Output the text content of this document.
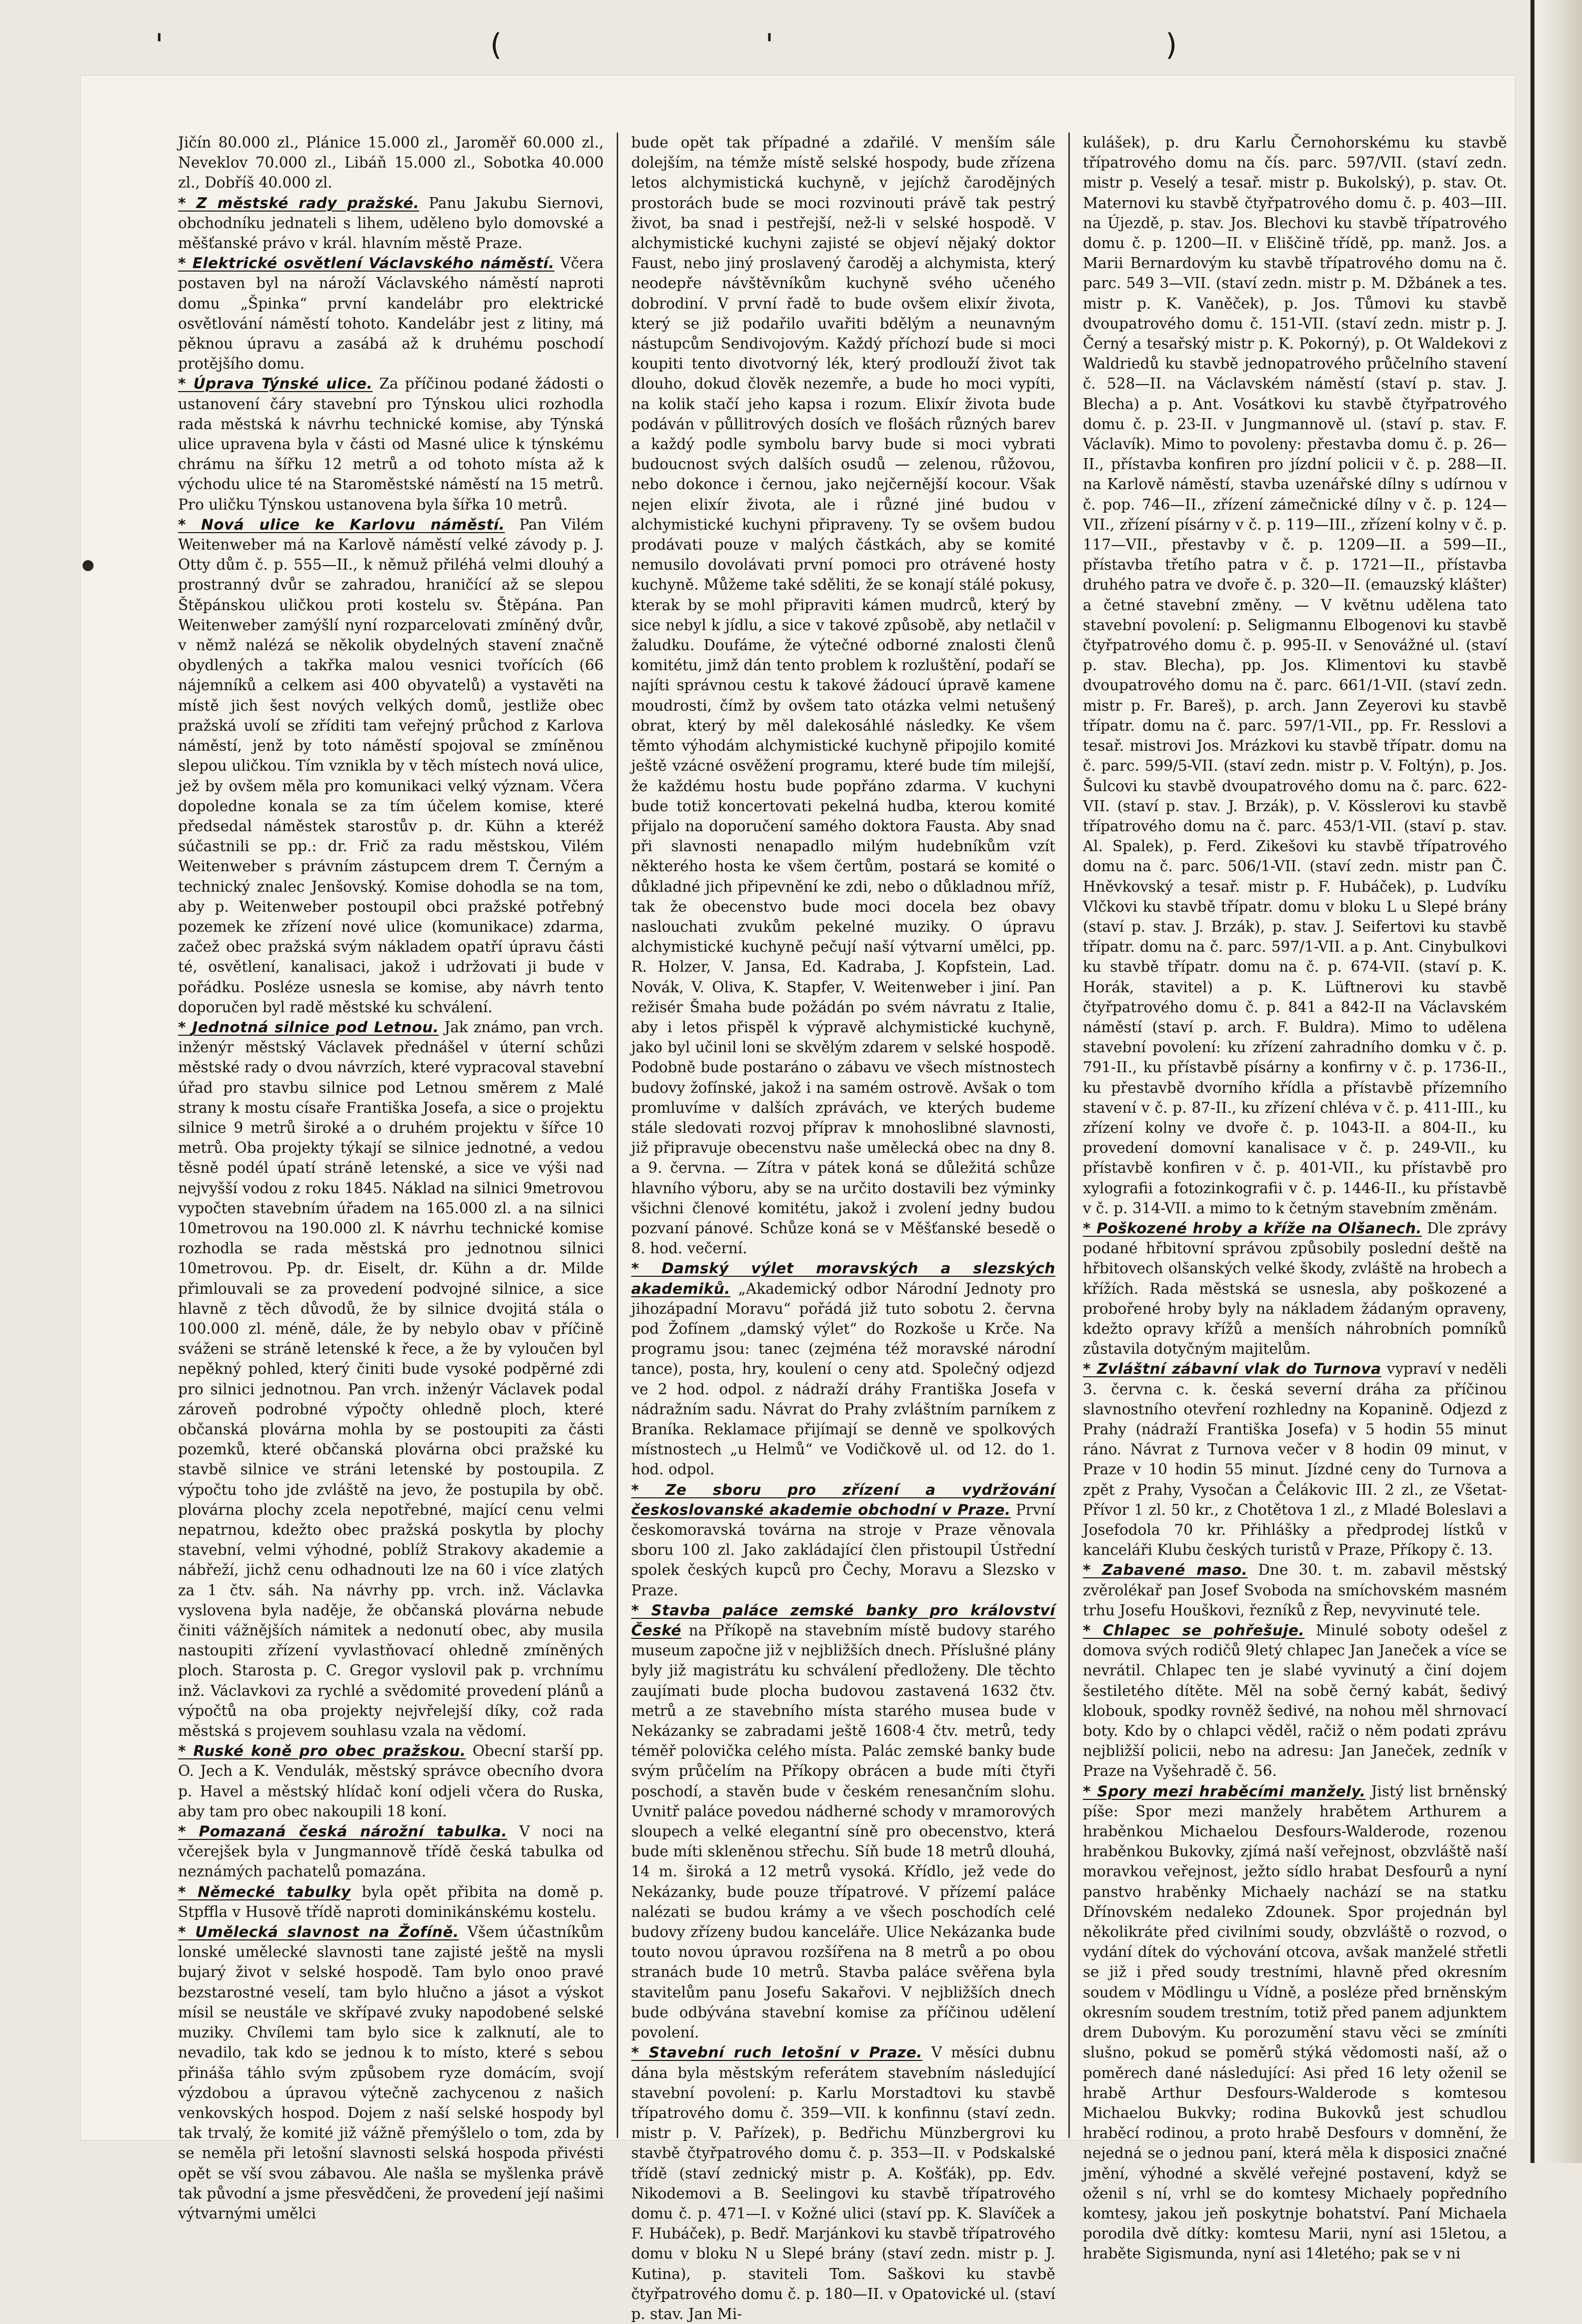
'	(	'	)

Jičín 80.000 zl., Plánice 15.000 zl., Jaroměř 60.000 zl., Neveklov 70.000 zl., Libáň 15.000 zl., Sobotka 40.000 zl., Dobříš 40.000 zl.

* Z městské rady pražské. Panu Jakubu Siernovi, obchodníku jednateli s lihem, uděleno bylo domovské a měšťanské právo v král. hlavním městě Praze.

* Elektrické osvětlení Václavského náměstí. Včera postaven byl na nároží Václavského náměstí naproti domu „Špinka“ první kandelábr pro elektrické osvětlování náměstí tohoto. Kandelábr jest z litiny, má pěknou úpravu a zasábá až k druhému poschodí protějšího domu.

* Úprava Týnské ulice. Za příčinou podané žádosti o ustanovení čáry stavební pro Týnskou ulici rozhodla rada městská k návrhu technické komise, aby Týnská ulice upravena byla v části od Masné ulice k týnskému chrámu na šířku 12 metrů a od tohoto místa až k východu ulice té na Staroměstské náměstí na 15 metrů. Pro uličku Týnskou ustanovena byla šířka 10 metrů.

* Nová ulice ke Karlovu náměstí. Pan Vilém Weitenweber má na Karlově náměstí velké závody p. J. Otty dům č. p. 555—II., k němuž přiléhá velmi dlouhý a prostranný dvůr se zahradou, hraničící až se slepou Štěpánskou uličkou proti kostelu sv. Štěpána. Pan Weitenweber zamýšlí nyní rozparcelovati zmíněný dvůr, v němž nalézá se několik obydelných stavení značně obydlených a takřka malou vesnici tvořících (66 nájemníků a celkem asi 400 obyvatelů) a vystavěti na místě jich šest nových velkých domů, jestliže obec pražská uvolí se zříditi tam veřejný průchod z Karlova náměstí, jenž by toto náměstí spojoval se zmíněnou slepou uličkou. Tím vznikla by v těch místech nová ulice, jež by ovšem měla pro komunikaci velký význam. Včera dopoledne konala se za tím účelem komise, které předsedal náměstek starostův p. dr. Kühn a kteréž súčastnili se pp.: dr. Frič za radu městskou, Vilém Weitenweber s právním zástupcem drem T. Černým a technický znalec Jenšovský. Komise dohodla se na tom, aby p. Weitenweber postoupil obci pražské potřebný pozemek ke zřízení nové ulice (komunikace) zdarma, začež obec pražská svým nákladem opatří úpravu části té, osvětlení, kanalisaci, jakož i udržovati ji bude v pořádku. Posléze usnesla se komise, aby návrh tento doporučen byl radě městské ku schválení.

* Jednotná silnice pod Letnou. Jak známo, pan vrch. inženýr městský Václavek přednášel v úterní schůzi městské rady o dvou návrzích, které vypracoval stavební úřad pro stavbu silnice pod Letnou směrem z Malé strany k mostu císaře Františka Josefa, a sice o projektu silnice 9 metrů široké a o druhém projektu v šířce 10 metrů. Oba projekty týkají se silnice jednotné, a vedou těsně podél úpatí stráně letenské, a sice ve výši nad nejvyšší vodou z roku 1845. Náklad na silnici 9metrovou vypočten stavebním úřadem na 165.000 zl. a na silnici 10metrovou na 190.000 zl. K návrhu technické komise rozhodla se rada městská pro jednotnou silnici 10metrovou. Pp. dr. Eiselt, dr. Kühn a dr. Milde přimlouvali se za provedení podvojné silnice, a sice hlavně z těch důvodů, že by silnice dvojitá stála o 100.000 zl. méně, dále, že by nebylo obav v příčině sváženi se stráně letenské k řece, a že by vyloučen byl nepěkný pohled, který činiti bude vysoké podpěrné zdi pro silnici jednotnou. Pan vrch. inženýr Václavek podal zároveň podrobné výpočty ohledně ploch, které občanská plovárna mohla by se postoupiti za části pozemků, které občanská plovárna obci pražské ku stavbě silnice ve stráni letenské by postoupila. Z výpočtu toho jde zvláště na jevo, že postupila by obč. plovárna plochy zcela nepotřebné, mající cenu velmi nepatrnou, kdežto obec pražská poskytla by plochy stavební, velmi výhodné, poblíž Strakovy akademie a nábřeží, jichž cenu odhadnouti lze na 60 i více zlatých za 1 čtv. sáh. Na návrhy pp. vrch. inž. Václavka vyslovena byla naděje, že občanská plovárna nebude činiti vážnějších námitek a nedonutí obec, aby musila nastoupiti zřízení vyvlastňovací ohledně zmíněných ploch. Starosta p. C. Gregor vyslovil pak p. vrchnímu inž. Václavkovi za rychlé a svědomité provedení plánů a výpočtů na oba projekty nejvřelejší díky, což rada městská s projevem souhlasu vzala na vědomí.

* Ruské koně pro obec pražskou. Obecní starší pp. O. Jech a K. Vendulák, městský správce obecního dvora p. Havel a městský hlídač koní odjeli včera do Ruska, aby tam pro obec nakoupili 18 koní.

* Pomazaná česká nárožní tabulka. V noci na včerejšek byla v Jungmannově třídě česká tabulka od neznámých pachatelů pomazána.

* Německé tabulky byla opět přibita na domě p. Stpffla v Husově třídě naproti dominikánskému kostelu.

* Umělecká slavnost na Žofíně. Všem účastníkům lonské umělecké slavnosti tane zajisté ještě na mysli bujarý život v selské hospodě. Tam bylo onoo pravé bezstarostné veselí, tam bylo hlučno a jásot a výskot mísil se neustále ve skřípavé zvuky napodobené selské muziky. Chvílemi tam bylo sice k zalknutí, ale to nevadilo, tak kdo se jednou k to místo, které s sebou přináša táhlo svým způsobem ryze domácím, svojí výzdobou a úpravou výtečně zachycenou z našich venkovských hospod. Dojem z naší selské hospody byl tak trvalý, že komité již vážně přemýšlelo o tom, zda by se neměla při letošní slavnosti selská hospoda přivésti opět se vší svou zábavou. Ale našla se myšlenka právě tak původní a jsme přesvědčeni, že provedení její našimi výtvarnými umělci

bude opět tak případné a zdařilé. V menším sále dolejším, na témže místě selské hospody, bude zřízena letos alchymistická kuchyně, v jejíchž čarodějných prostorách bude se moci rozvinouti právě tak pestrý život, ba snad i pestřejší, než-li v selské hospodě. V alchymistické kuchyni zajisté se objeví nějaký doktor Faust, nebo jiný proslavený čaroděj a alchymista, který neodepře návštěvníkům kuchyně svého učeného dobrodiní. V první řadě to bude ovšem elixír života, který se již podařilo uvařiti bdělým a neunavným nástupcům Sendivojovým. Každý příchozí bude si moci koupiti tento divotvorný lék, který prodlouží život tak dlouho, dokud člověk nezemře, a bude ho moci vypíti, na kolik stačí jeho kapsa i rozum. Elixír života bude podáván v půllitrových dosích ve flošách různých barev a každý podle symbolu barvy bude si moci vybrati budoucnost svých dalších osudů — zelenou, růžovou, nebo dokonce i černou, jako nejčernější kocour. Však nejen elixír života, ale i různé jiné budou v alchymistické kuchyni připraveny. Ty se ovšem budou prodávati pouze v malých částkách, aby se komité nemusilo dovolávati první pomoci pro otrávené hosty kuchyně. Můžeme také sděliti, že se konají stálé pokusy, kterak by se mohl připraviti kámen mudrců, který by sice nebyl k jídlu, a sice v takové způsobě, aby netlačil v žaludku. Doufáme, že výtečné odborné znalosti členů komitétu, jimž dán tento problem k rozluštění, podaří se najíti správnou cestu k takové žádoucí úpravě kamene moudrosti, čímž by ovšem tato otázka velmi netušený obrat, který by měl dalekosáhlé následky. Ke všem těmto výhodám alchymistické kuchyně připojilo komité ještě vzácné osvěžení programu, které bude tím milejší, že každému hostu bude popřáno zdarma. V kuchyni bude totiž koncertovati pekelná hudba, kterou komité přijalo na doporučení samého doktora Fausta. Aby snad při slavnosti nenapadlo milým hudebníkům vzít některého hosta ke všem čertům, postará se komité o důkladné jich připevnění ke zdi, nebo o důkladnou mříž, tak že obecenstvo bude moci docela bez obavy naslouchati zvukům pekelné muziky. O úpravu alchymistické kuchyně pečují naší výtvarní umělci, pp. R. Holzer, V. Jansa, Ed. Kadraba, J. Kopfstein, Lad. Novák, V. Oliva, K. Stapfer, V. Weitenweber i jiní. Pan režisér Šmaha bude požádán po svém návratu z Italie, aby i letos přispěl k výpravě alchymistické kuchyně, jako byl učinil loni se skvělým zdarem v selské hospodě. Podobně bude postaráno o zábavu ve všech místnostech budovy žofínské, jakož i na samém ostrově. Avšak o tom promluvíme v dalších zprávách, ve kterých budeme stále sledovati rozvoj příprav k mnohoslibné slavnosti, již připravuje obecenstvu naše umělecká obec na dny 8. a 9. června. — Zítra v pátek koná se důležitá schůze hlavního výboru, aby se na určito dostavili bez výminky všichni členové komitétu, jakož i zvolení jedny budou pozvaní pánové. Schůze koná se v Měšťanské besedě o 8. hod. večerní.

* Damský výlet moravských a slezských akademiků. „Akademický odbor Národní Jednoty pro jihozápadní Moravu“ pořádá již tuto sobotu 2. června pod Žofínem „damský výlet“ do Rozkoše u Krče. Na programu jsou: tanec (zejména též moravské národní tance), posta, hry, koulení o ceny atd. Společný odjezd ve 2 hod. odpol. z nádraží dráhy Františka Josefa v nádražním sadu. Návrat do Prahy zvláštním parníkem z Braníka. Reklamace přijímají se denně ve spolkových místnostech „u Helmů“ ve Vodičkově ul. od 12. do 1. hod. odpol.

* Ze sboru pro zřízení a vydržování českoslovanské akademie obchodní v Praze. První českomoravská továrna na stroje v Praze věnovala sboru 100 zl. Jako zakládající člen přistoupil Ústřední spolek českých kupců pro Čechy, Moravu a Slezsko v Praze.

* Stavba paláce zemské banky pro království České na Příkopě na stavebním místě budovy starého museum započne již v nejbližších dnech. Příslušné plány byly již magistrátu ku schválení předloženy. Dle těchto zaujímati bude plocha budovou zastavená 1632 čtv. metrů a ze stavebního místa starého musea bude v Nekázanky se zabradami ještě 1608·4 čtv. metrů, tedy téměř polovička celého místa. Palác zemské banky bude svým průčelím na Příkopy obrácen a bude míti čtyři poschodí, a stavěn bude v českém renesančním slohu. Uvnitř paláce povedou nádherné schody v mramorových sloupech a velké elegantní síně pro obecenstvo, která bude míti skleněnou střechu. Síň bude 18 metrů dlouhá, 14 m. široká a 12 metrů vysoká. Křídlo, jež vede do Nekázanky, bude pouze třípatrové. V přízemí paláce nalézati se budou krámy a ve všech poschodích celé budovy zřízeny budou kanceláře. Ulice Nekázanka bude touto novou úpravou rozšířena na 8 metrů a po obou stranách bude 10 metrů. Stavba paláce svěřena byla stavitelům panu Josefu Sakařovi. V nejbližších dnech bude odbývána stavební komise za příčinou udělení povolení.

* Stavební ruch letošní v Praze. V měsíci dubnu dána byla městským referátem stavebním následující stavební povolení: p. Karlu Morstadtovi ku stavbě třípatrového domu č. 359—VII. k konfinnu (staví zedn. mistr p. V. Pařízek), p. Bedřichu Münzbergrovi ku stavbě čtyřpatrového domu č. p. 353—II. v Podskalské třídě (staví zednický mistr p. A. Košťák), pp. Edv. Nikodemovi a B. Seelingovi ku stavbě třípatrového domu č. p. 471—I. v Kožné ulici (staví pp. K. Slavíček a F. Hubáček), p. Bedř. Marjánkovi ku stavbě třípatrového domu v bloku N u Slepé brány (staví zedn. mistr p. J. Kutina), p. staviteli Tom. Saškovi ku stavbě čtyřpatrového domu č. p. 180—II. v Opatovické ul. (staví p. stav. Jan Mi-

kulášek), p. dru Karlu Černohorskému ku stavbě třípatrového domu na čís. parc. 597/VII. (staví zedn. mistr p. Veselý a tesař. mistr p. Bukolský), p. stav. Ot. Maternovi ku stavbě čtyřpatrového domu č. p. 403—III. na Újezdě, p. stav. Jos. Blechovi ku stavbě třípatrového domu č. p. 1200—II. v Eliščině třídě, pp. manž. Jos. a Marii Bernardovým ku stavbě třípatrového domu na č. parc. 549 3—VII. (staví zedn. mistr p. M. Džbánek a tes. mistr p. K. Vaněček), p. Jos. Tůmovi ku stavbě dvoupatrového domu č. 151-VII. (staví zedn. mistr p. J. Černý a tesařský mistr p. K. Pokorný), p. Ot Waldekovi z Waldriedů ku stavbě jednopatrového průčelního stavení č. 528—II. na Václavském náměstí (staví p. stav. J. Blecha) a p. Ant. Vosátkovi ku stavbě čtyřpatrového domu č. p. 23-II. v Jungmannově ul. (staví p. stav. F. Václavík). Mimo to povoleny: přestavba domu č. p. 26—II., přístavba konfiren pro jízdní policii v č. p. 288—II. na Karlově náměstí, stavba uzenářské dílny s udírnou v č. pop. 746—II., zřízení zámečnické dílny v č. p. 124—VII., zřízení písárny v č. p. 119—III., zřízení kolny v č. p. 117—VII., přestavby v č. p. 1209—II. a 599—II., přístavba třetího patra v č. p. 1721—II., přístavba druhého patra ve dvoře č. p. 320—II. (emauzský klášter) a četné stavební změny. — V květnu udělena tato stavební povolení: p. Seligmannu Elbogenovi ku stavbě čtyřpatrového domu č. p. 995-II. v Senovážné ul. (staví p. stav. Blecha), pp. Jos. Klimentovi ku stavbě dvoupatrového domu na č. parc. 661/1-VII. (staví zedn. mistr p. Fr. Bareš), p. arch. Jann Zeyerovi ku stavbě třípatr. domu na č. parc. 597/1-VII., pp. Fr. Resslovi a tesař. mistrovi Jos. Mrázkovi ku stavbě třípatr. domu na č. parc. 599/5-VII. (staví zedn. mistr p. V. Foltýn), p. Jos. Šulcovi ku stavbě dvoupatrového domu na č. parc. 622-VII. (staví p. stav. J. Brzák), p. V. Kösslerovi ku stavbě třípatrového domu na č. parc. 453/1-VII. (staví p. stav. Al. Spalek), p. Ferd. Zikešovi ku stavbě třípatrového domu na č. parc. 506/1-VII. (staví zedn. mistr pan Č. Hněvkovský a tesař. mistr p. F. Hubáček), p. Ludvíku Vlčkovi ku stavbě třípatr. domu v bloku L u Slepé brány (staví p. stav. J. Brzák), p. stav. J. Seifertovi ku stavbě třípatr. domu na č. parc. 597/1-VII. a p. Ant. Cinybulkovi ku stavbě třípatr. domu na č. p. 674-VII. (staví p. K. Horák, stavitel) a p. K. Lüftnerovi ku stavbě čtyřpatrového domu č. p. 841 a 842-II na Václavském náměstí (staví p. arch. F. Buldra). Mimo to udělena stavební povolení: ku zřízení zahradního domku v č. p. 791-II., ku přístavbě písárny a konfirny v č. p. 1736-II., ku přestavbě dvorního křídla a přístavbě přízemního stavení v č. p. 87-II., ku zřízení chléva v č. p. 411-III., ku zřízení kolny ve dvoře č. p. 1043-II. a 804-II., ku provedení domovní kanalisace v č. p. 249-VII., ku přístavbě konfiren v č. p. 401-VII., ku přístavbě pro xylografii a fotozinkografii v č. p. 1446-II., ku přístavbě v č. p. 314-VII. a mimo to k četným stavebním změnám.

* Poškozené hroby a kříže na Olšanech. Dle zprávy podané hřbitovní správou způsobily poslední deště na hřbitovech olšanských velké škody, zvláště na hrobech a křížích. Rada městská se usnesla, aby poškozené a probořené hroby byly na nákladem žádaným opraveny, kdežto opravy křížů a menších náhrobních pomníků zůstavila dotyčným majitelům.

* Zvláštní zábavní vlak do Turnova vypraví v neděli 3. června c. k. česká severní dráha za příčinou slavnostního otevření rozhledny na Kopanině. Odjezd z Prahy (nádraží Františka Josefa) v 5 hodin 55 minut ráno. Návrat z Turnova večer v 8 hodin 09 minut, v Praze v 10 hodin 55 minut. Jízdné ceny do Turnova a zpět z Prahy, Vysočan a Čelákovic III. 2 zl., ze Všetat-Přívor 1 zl. 50 kr., z Chotětova 1 zl., z Mladé Boleslavi a Josefodola 70 kr. Přihlášky a předprodej lístků v kanceláři Klubu českých turistů v Praze, Příkopy č. 13.

* Zabavené maso. Dne 30. t. m. zabavil městský zvěrolékař pan Josef Svoboda na smíchovském masném trhu Josefu Houškovi, řezníků z Řep, nevyvinuté tele.

* Chlapec se pohřešuje. Minulé soboty odešel z domova svých rodičů 9letý chlapec Jan Janeček a více se nevrátil. Chlapec ten je slabé vyvinutý a činí dojem šestiletého dítěte. Měl na sobě černý kabát, šedivý klobouk, spodky rovněž šedivé, na nohou měl shrnovací boty. Kdo by o chlapci věděl, račiž o něm podati zprávu nejbližší policii, nebo na adresu: Jan Janeček, zedník v Praze na Vyšehradě č. 56.

* Spory mezi hraběcími manžely. Jistý list brněnský píše: Spor mezi manžely hrabětem Arthurem a hraběnkou Michaelou Desfours-Walderode, rozenou hraběnkou Bukovky, zjímá naší veřejnost, obzvláště naší moravkou veřejnost, ježto sídlo hrabat Desfourů a nyní panstvo hraběnky Michaely nachází se na statku Dřínovském nedaleko Zdounek. Spor projednán byl několikráte před civilními soudy, obzvláště o rozvod, o vydání dítek do výchování otcova, avšak manželé střetli se již i před soudy trestními, hlavně před okresním soudem v Mödlingu u Vídně, a posléze před brněnským okresním soudem trestním, totiž před panem adjunktem drem Dubovým. Ku porozumění stavu věci se zmíníti slušno, pokud se poměrů stýká vědomosti naší, až o poměrech dané následující: Asi před 16 lety oženil se hrabě Arthur Desfours-Walderode s komtesou Michaelou Bukvky; rodina Bukovků jest schudlou hraběcí rodinou, a proto hrabě Desfours v domnění, že nejedná se o jednou paní, která měla k disposici značné jmění, výhodné a skvělé veřejné postavení, když se oženil s ní, vrhl se do komtesy Michaely popředního komtesy, jakou jeň poskytnje bohatství. Paní Michaela porodila dvě dítky: komtesu Marii, nyní asi 15letou, a hraběte Sigismunda, nyní asi 14letého; pak se v ni
